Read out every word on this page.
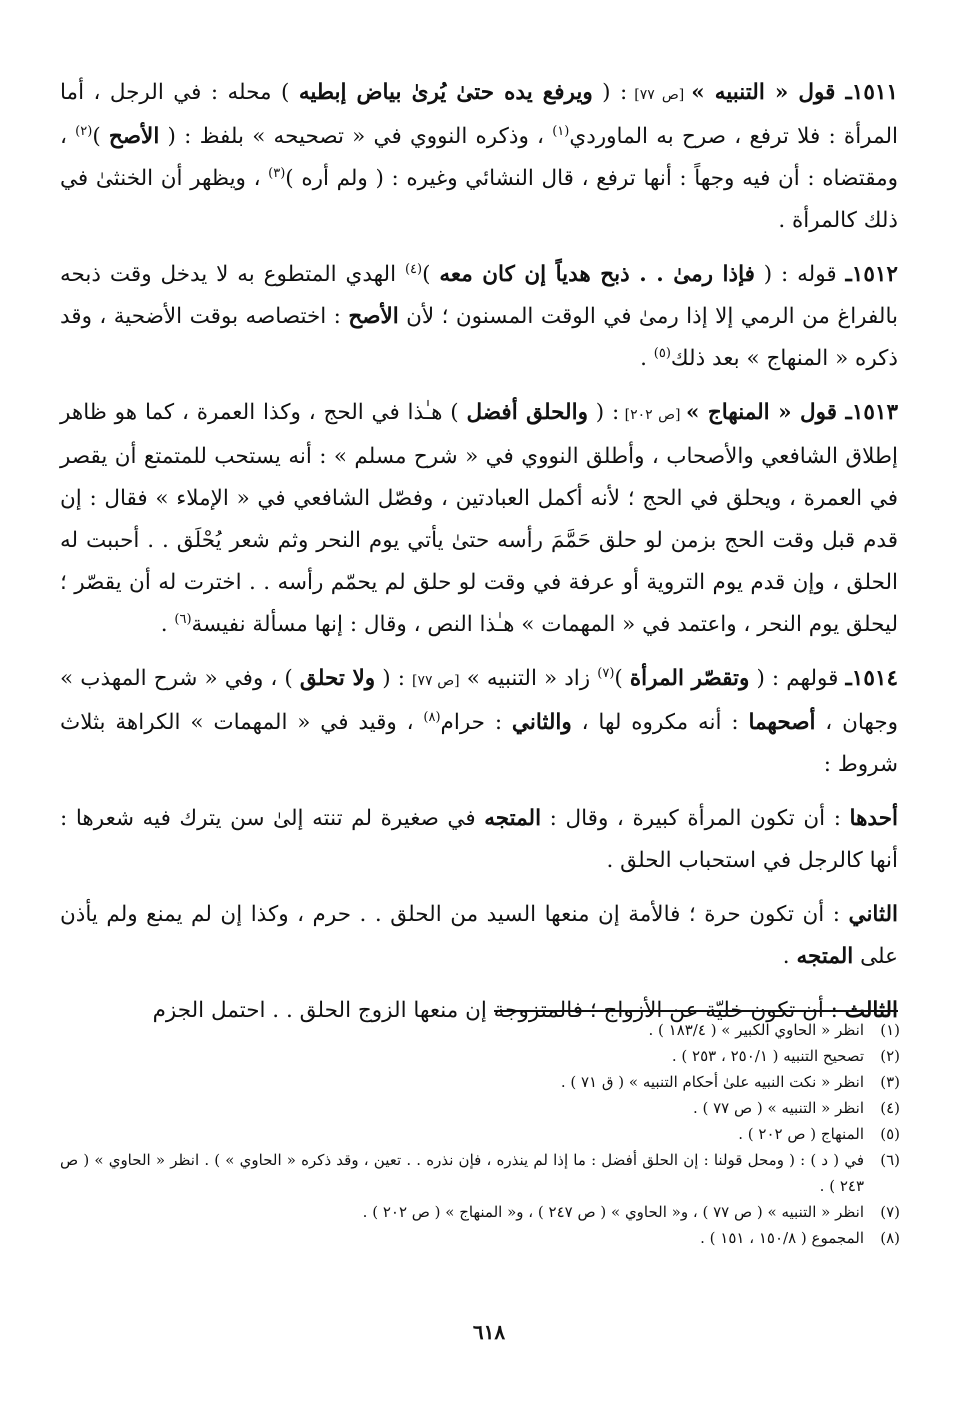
١٥١١ـ قول « التنبيه » [ص ٧٧] : ( ويرفع يده حتىٰ يُرىٰ بياض إبطيه ) محله : في الرجل ، أما المرأة : فلا ترفع ، صرح به الماوردي$^{(١)}$ ، وذكره النووي في « تصحيحه » بلفظ : ( الأصح )$^{(٢)}$ ، ومقتضاه : أن فيه وجهاً : أنها ترفع ، قال النشائي وغيره : ( ولم أره )$^{(٣)}$ ، ويظهر أن الخنثىٰ في ذلك كالمرأة .

١٥١٢ـ قوله : ( فإذا رمىٰ . . ذبح هدياً إن كان معه )$^{(٤)}$ الهدي المتطوع به لا يدخل وقت ذبحه بالفراغ من الرمي إلا إذا رمىٰ في الوقت المسنون ؛ لأن الأصح : اختصاصه بوقت الأضحية ، وقد ذكره « المنهاج » بعد ذلك$^{(٥)}$ .

١٥١٣ـ قول « المنهاج » [ص ٢٠٢] : ( والحلق أفضل ) هـٰذا في الحج ، وكذا العمرة ، كما هو ظاهر إطلاق الشافعي والأصحاب ، وأطلق النووي في « شرح مسلم » : أنه يستحب للمتمتع أن يقصر في العمرة ، ويحلق في الحج ؛ لأنه أكمل العبادتين ، وفصّل الشافعي في « الإملاء » فقال : إن قدم قبل وقت الحج بزمن لو حلق حَمَّمَ رأسه حتىٰ يأتي يوم النحر وثم شعر يُحْلَق . . أحببت له الحلق ، وإن قدم يوم التروية أو عرفة في وقت لو حلق لم يحمّم رأسه . . اخترت له أن يقصّر ؛ ليحلق يوم النحر ، واعتمد في « المهمات » هـٰذا النص ، وقال : إنها مسألة نفيسة$^{(٦)}$ .

١٥١٤ـ قولهم : ( وتقصّر المرأة )$^{(٧)}$ زاد « التنبيه » [ص ٧٧] : ( ولا تحلق ) ، وفي « شرح المهذب » وجهان ، أصحهما : أنه مكروه لها ، والثاني : حرام$^{(٨)}$ ، وقيد في « المهمات » الكراهة بثلاث شروط :

أحدها : أن تكون المرأة كبيرة ، وقال : المتجه في صغيرة لم تنته إلىٰ سن يترك فيه شعرها : أنها كالرجل في استحباب الحلق .

الثاني : أن تكون حرة ؛ فالأمة إن منعها السيد من الحلق . . حرم ، وكذا إن لم يمنع ولم يأذن على المتجه .

الثالث : أن تكون خليّة عن الأزواج ؛ فالمتزوجة إن منعها الزوج الحلق . . احتمل الجزم

(١)
انظر « الحاوي الكبير » ( ١٨٣/٤ ) .
(٢)
تصحيح التنبيه ( ٢٥٠/١ ، ٢٥٣ ) .
(٣)
انظر « نكت النبيه علىٰ أحكام التنبيه » ( ق ٧١ ) .
(٤)
انظر « التنبيه » ( ص ٧٧ ) .
(٥)
المنهاج ( ص ٢٠٢ ) .
(٦)
في ( د ) : ( ومحل قولنا : إن الحلق أفضل : ما إذا لم ينذره ، فإن نذره . . تعين ، وقد ذكره « الحاوي » ) . انظر « الحاوي » ( ص ٢٤٣ ) .
(٧)
انظر « التنبيه » ( ص ٧٧ ) ، و« الحاوي » ( ص ٢٤٧ ) ، و« المنهاج » ( ص ٢٠٢ ) .
(٨)
المجموع ( ١٥٠/٨ ، ١٥١ ) .
٦١٨
